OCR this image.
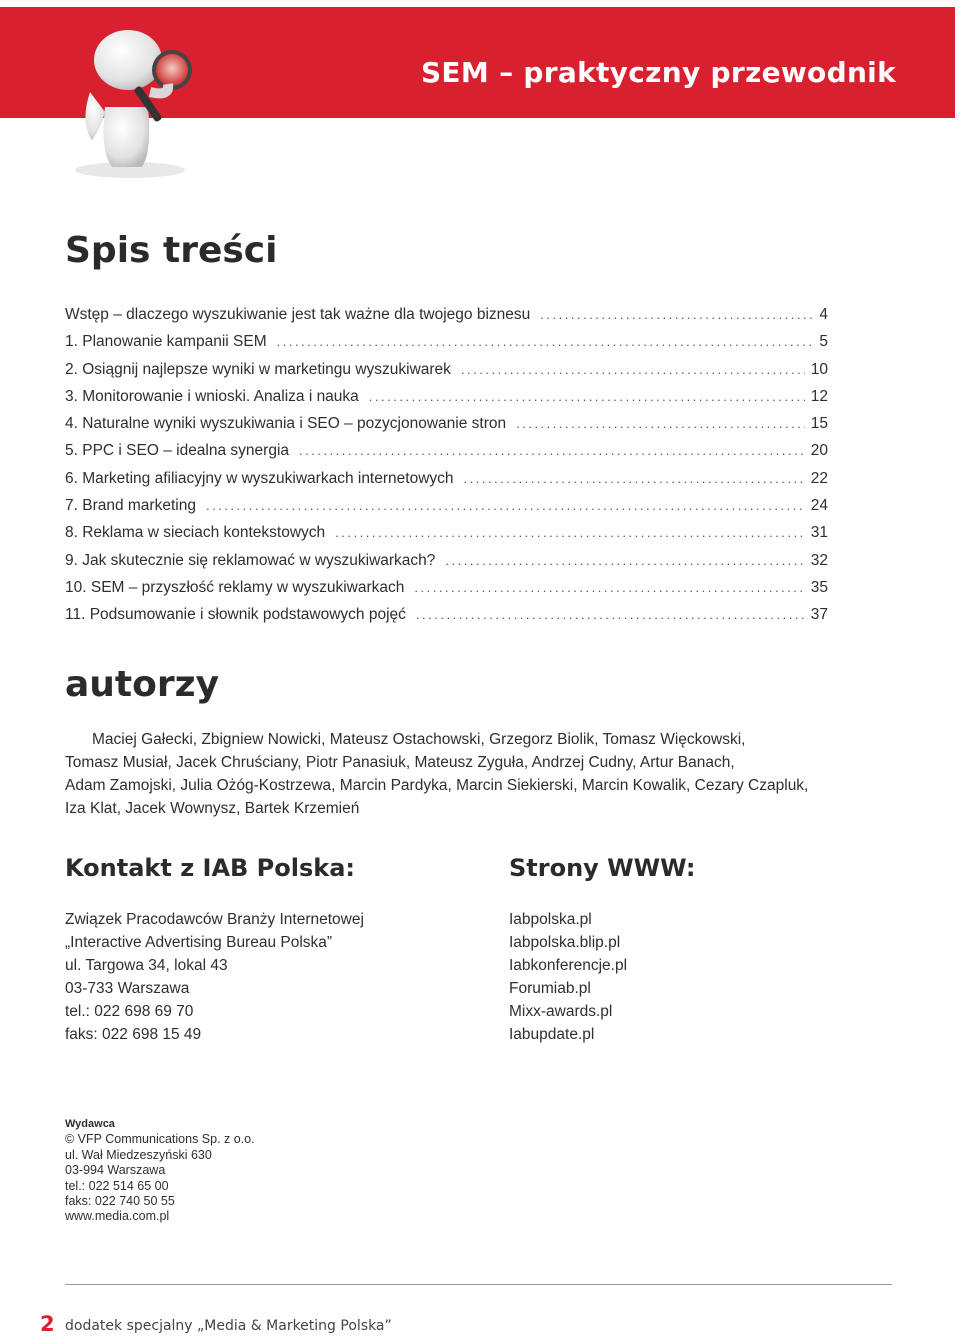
SEM – praktyczny przewodnik
Spis treści
Wstęp – dlaczego wyszukiwanie jest tak ważne dla twojego biznesu .....	4
1. Planowanie kampanii SEM .....	5
2. Osiągnij najlepsze wyniki w marketingu wyszukiwarek .....	10
3. Monitorowanie i wnioski. Analiza i nauka .....	12
4. Naturalne wyniki wyszukiwania i SEO – pozycjonowanie stron .....	15
5. PPC i SEO – idealna synergia .....	20
6. Marketing afiliacyjny w wyszukiwarkach internetowych .....	22
7. Brand marketing .....	24
8. Reklama w sieciach kontekstowych .....	31
9. Jak skutecznie się reklamować w wyszukiwarkach? .....	32
10. SEM – przyszłość reklamy w wyszukiwarkach .....	35
11. Podsumowanie i słownik podstawowych pojęć .....	37
autorzy
Maciej Gałecki, Zbigniew Nowicki, Mateusz Ostachowski, Grzegorz Biolik, Tomasz Więckowski,
Tomasz Musiał, Jacek Chruściany, Piotr Panasiuk, Mateusz Zyguła, Andrzej Cudny, Artur Banach,
Adam Zamojski, Julia Ożóg-Kostrzewa, Marcin Pardyka, Marcin Siekierski, Marcin Kowalik, Cezary Czapluk,
Iza Klat, Jacek Wownysz, Bartek Krzemień
Kontakt z IAB Polska:
Związek Pracodawców Branży Internetowej
„Interactive Advertising Bureau Polska”
ul. Targowa 34, lokal 43
03-733 Warszawa
tel.: 022 698 69 70
faks: 022 698 15 49
Strony WWW:
Iabpolska.pl
Iabpolska.blip.pl
Iabkonferencje.pl
Forumiab.pl
Mixx-awards.pl
Iabupdate.pl
Wydawca
© VFP Communications Sp. z o.o.
ul. Wał Miedzeszyński 630
03-994 Warszawa
tel.: 022 514 65 00
faks: 022 740 50 55
www.media.com.pl
2 dodatek specjalny „Media & Marketing Polska”
